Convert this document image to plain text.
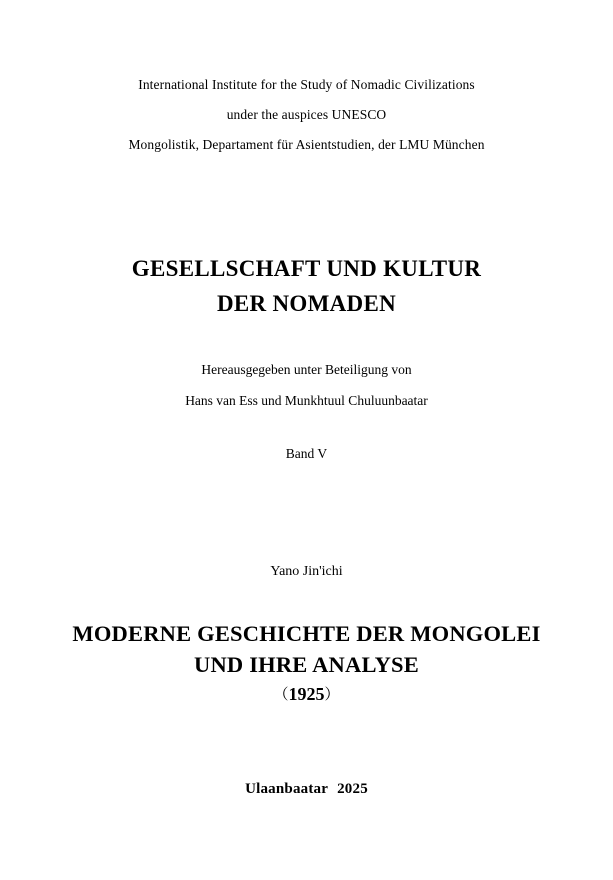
International Institute for the Study of Nomadic Civilizations
under the auspices UNESCO
Mongolistik, Departament für Asientstudien, der LMU München
GESELLSCHAFT UND KULTUR
DER NOMADEN
Hereausgegeben unter Beteiligung von
Hans van Ess und Munkhtuul Chuluunbaatar
Band V
Yano Jin'ichi
MODERNE GESCHICHTE DER MONGOLEI
UND IHRE ANALYSE
（1925）
Ulaanbaatar 2025
